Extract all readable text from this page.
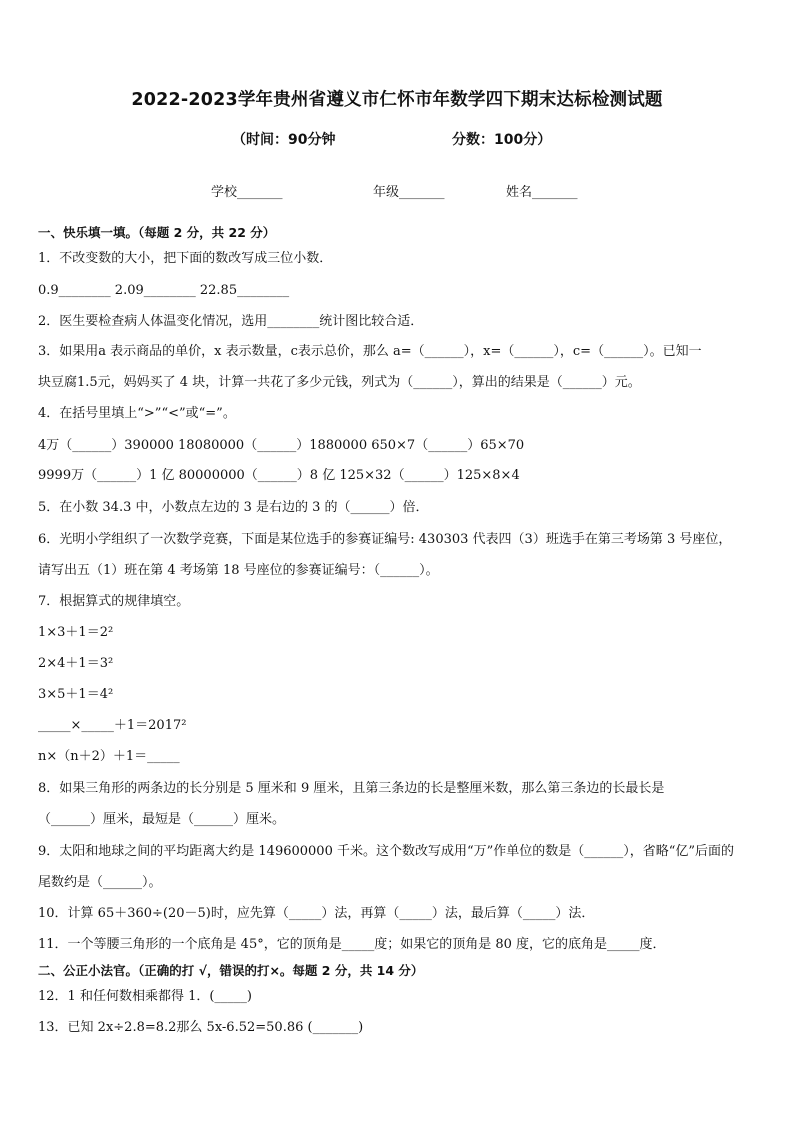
2022-2023学年贵州省遵义市仁怀市年数学四下期末达标检测试题
（时间：90分钟	分数：100分）
学校_______	年级_______	姓名_______
一、快乐填一填。（每题 2 分，共 22 分）
1．不改变数的大小，把下面的数改写成三位小数．
0.9________ 2.09________ 22.85________
2．医生要检查病人体温变化情况，选用________统计图比较合适．
3．如果用a 表示商品的单价，x 表示数量，c表示总价，那么 a=（______），x=（______），c=（______）。已知一
块豆腐1.5元，妈妈买了 4 块，计算一共花了多少元钱，列式为（______），算出的结果是（______）元。
4．在括号里填上“>”“<”或“=”。
4万（______）390000 18080000（______）1880000 650×7（______）65×70
9999万（______）1 亿 80000000（______）8 亿 125×32（______）125×8×4
5．在小数 34.3 中，小数点左边的 3 是右边的 3 的（______）倍．
6．光明小学组织了一次数学竞赛，下面是某位选手的参赛证编号: 430303 代表四（3）班选手在第三考场第 3 号座位，
请写出五（1）班在第 4 考场第 18 号座位的参赛证编号：（______）。
7．根据算式的规律填空。
1×3＋1＝2²
2×4＋1＝3²
3×5＋1＝4²
_____×_____＋1＝2017²
n×（n＋2）＋1＝_____
8．如果三角形的两条边的长分别是 5 厘米和 9 厘米，且第三条边的长是整厘米数，那么第三条边的长最长是
（______）厘米，最短是（______）厘米。
9．太阳和地球之间的平均距离大约是 149600000 千米。这个数改写成用“万”作单位的数是（______），省略“亿”后面的
尾数约是（______）。
10．计算 65＋360÷(20－5)时，应先算（_____）法，再算（_____）法，最后算（_____）法．
11．一个等腰三角形的一个底角是 45°，它的顶角是_____度；如果它的顶角是 80 度，它的底角是_____度．
二、公正小法官。（正确的打 √，错误的打×。每题 2 分，共 14 分）
12．1 和任何数相乘都得 1．(_____)
13．已知 2x÷2.8=8.2那么 5x-6.52=50.86 (_______)
